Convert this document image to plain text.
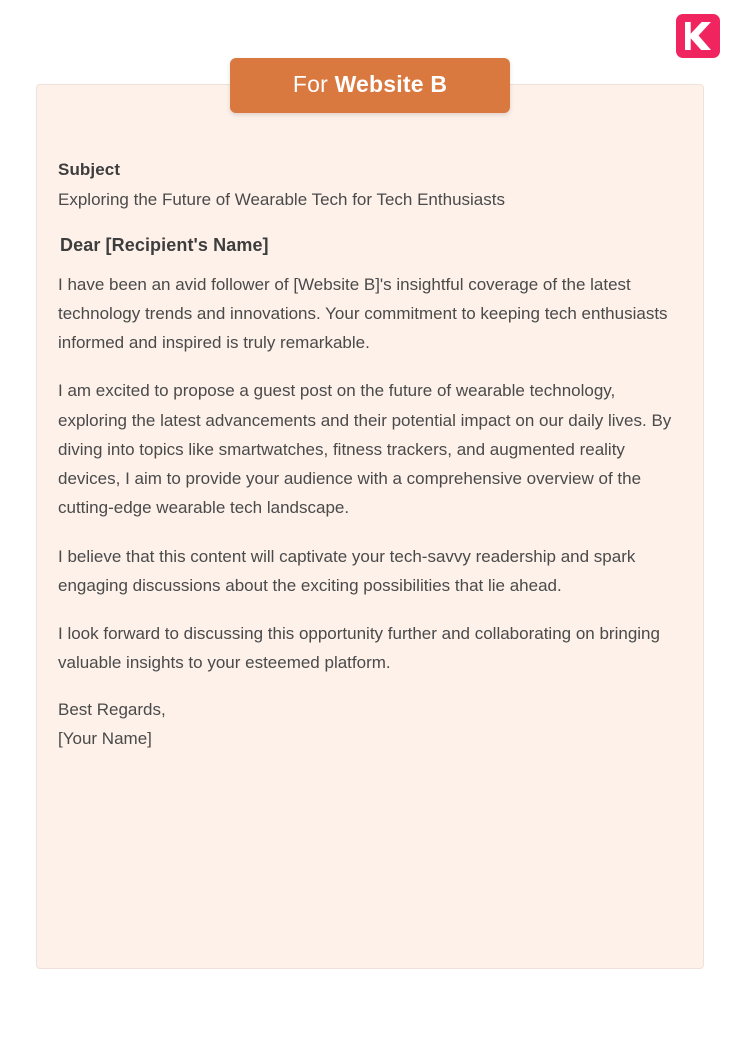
For Website B
Subject
Exploring the Future of Wearable Tech for Tech Enthusiasts
Dear [Recipient's Name]

I have been an avid follower of [Website B]'s insightful coverage of the latest technology trends and innovations. Your commitment to keeping tech enthusiasts informed and inspired is truly remarkable.

I am excited to propose a guest post on the future of wearable technology, exploring the latest advancements and their potential impact on our daily lives. By diving into topics like smartwatches, fitness trackers, and augmented reality devices, I aim to provide your audience with a comprehensive overview of the cutting-edge wearable tech landscape.

I believe that this content will captivate your tech-savvy readership and spark engaging discussions about the exciting possibilities that lie ahead.

I look forward to discussing this opportunity further and collaborating on bringing valuable insights to your esteemed platform.

Best Regards,

[Your Name]
